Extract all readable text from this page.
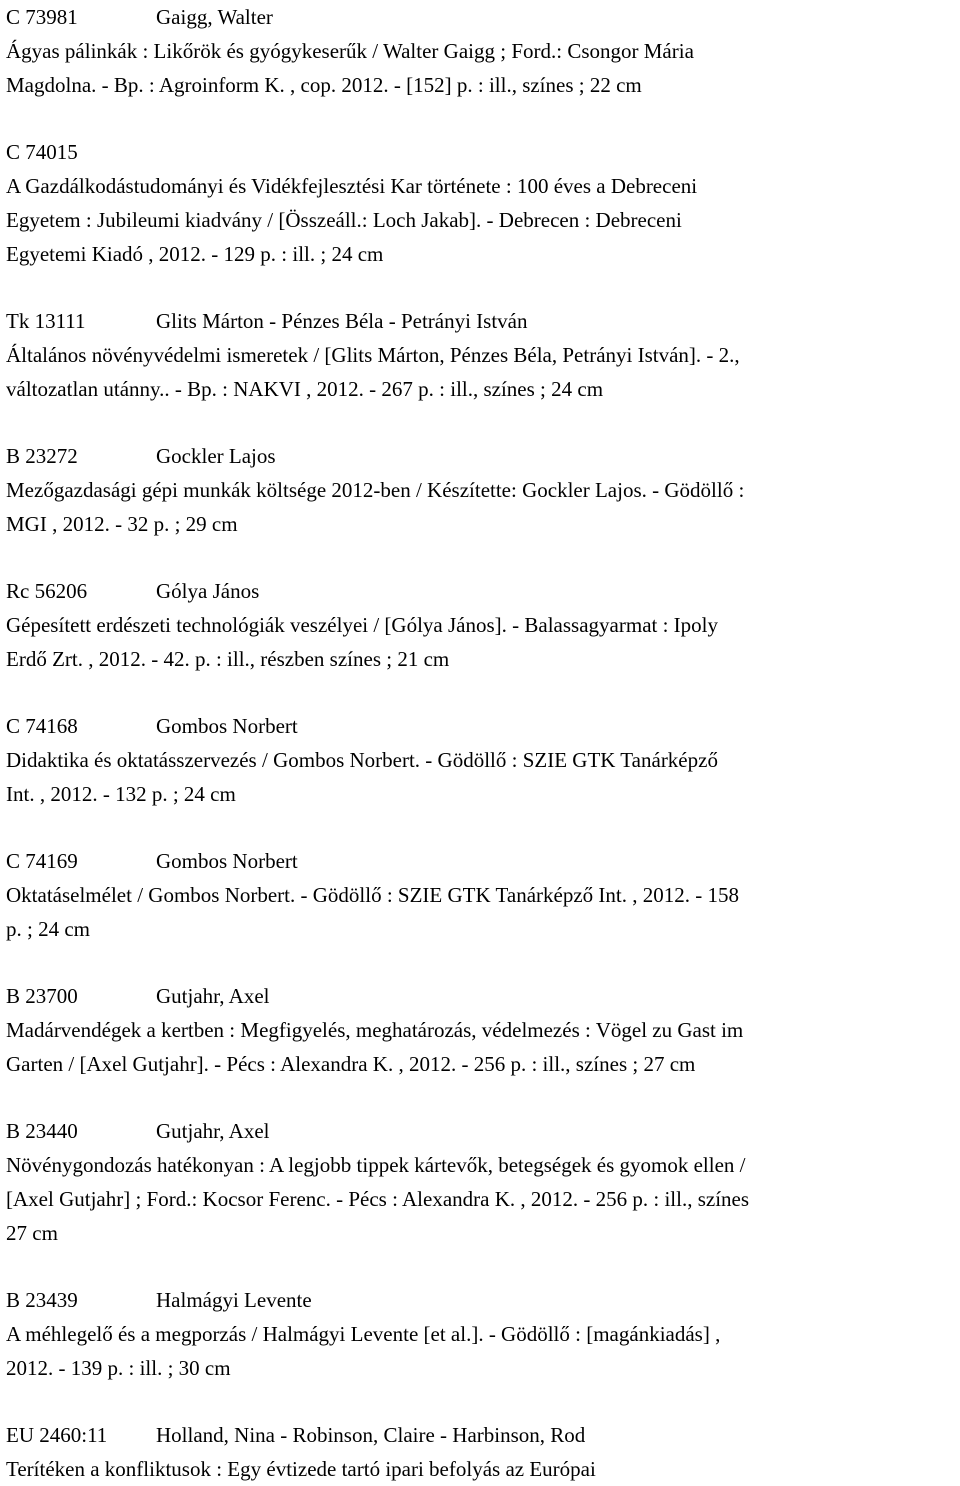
C 73981	Gaigg, Walter
Ágyas pálinkák : Likőrök és gyógykeserűk / Walter Gaigg ; Ford.: Csongor Mária
Magdolna. - Bp. : Agroinform K. , cop. 2012. - [152] p. : ill., színes ; 22 cm
C 74015
A Gazdálkodástudományi és Vidékfejlesztési Kar története : 100 éves a Debreceni
Egyetem : Jubileumi kiadvány / [Összeáll.: Loch Jakab]. - Debrecen : Debreceni
Egyetemi Kiadó , 2012. - 129 p. : ill. ; 24 cm
Tk 13111	Glits Márton - Pénzes Béla - Petrányi István
Általános növényvédelmi ismeretek / [Glits Márton, Pénzes Béla, Petrányi István]. - 2.,
változatlan utánny.. - Bp. : NAKVI , 2012. - 267 p. : ill., színes ; 24 cm
B 23272	Gockler Lajos
Mezőgazdasági gépi munkák költsége 2012-ben / Készítette: Gockler Lajos. - Gödöllő :
MGI , 2012. - 32 p. ; 29 cm
Rc 56206	Gólya János
Gépesített erdészeti technológiák veszélyei / [Gólya János]. - Balassagyarmat : Ipoly
Erdő Zrt. , 2012. - 42. p. : ill., részben színes ; 21 cm
C 74168	Gombos Norbert
Didaktika és oktatásszervezés / Gombos Norbert. - Gödöllő : SZIE GTK Tanárképző
Int. , 2012. - 132 p. ; 24 cm
C 74169	Gombos Norbert
Oktatáselmélet / Gombos Norbert. - Gödöllő : SZIE GTK Tanárképző Int. , 2012. - 158
p. ; 24 cm
B 23700	Gutjahr, Axel
Madárvendégek a kertben : Megfigyelés, meghatározás, védelmezés : Vögel zu Gast im
Garten / [Axel Gutjahr]. - Pécs : Alexandra K. , 2012. - 256 p. : ill., színes ; 27 cm
B 23440	Gutjahr, Axel
Növénygondozás hatékonyan : A legjobb tippek kártevők, betegségek és gyomok ellen /
[Axel Gutjahr] ; Ford.: Kocsor Ferenc. - Pécs : Alexandra K. , 2012. - 256 p. : ill., színes
27 cm
B 23439	Halmágyi Levente
A méhlegelő és a megporzás / Halmágyi Levente [et al.]. - Gödöllő : [magánkiadás] ,
2012. - 139 p. : ill. ; 30 cm
EU 2460:11	Holland, Nina - Robinson, Claire - Harbinson, Rod
Terítéken a konfliktusok : Egy évtizede tartó ipari befolyás az Európai
